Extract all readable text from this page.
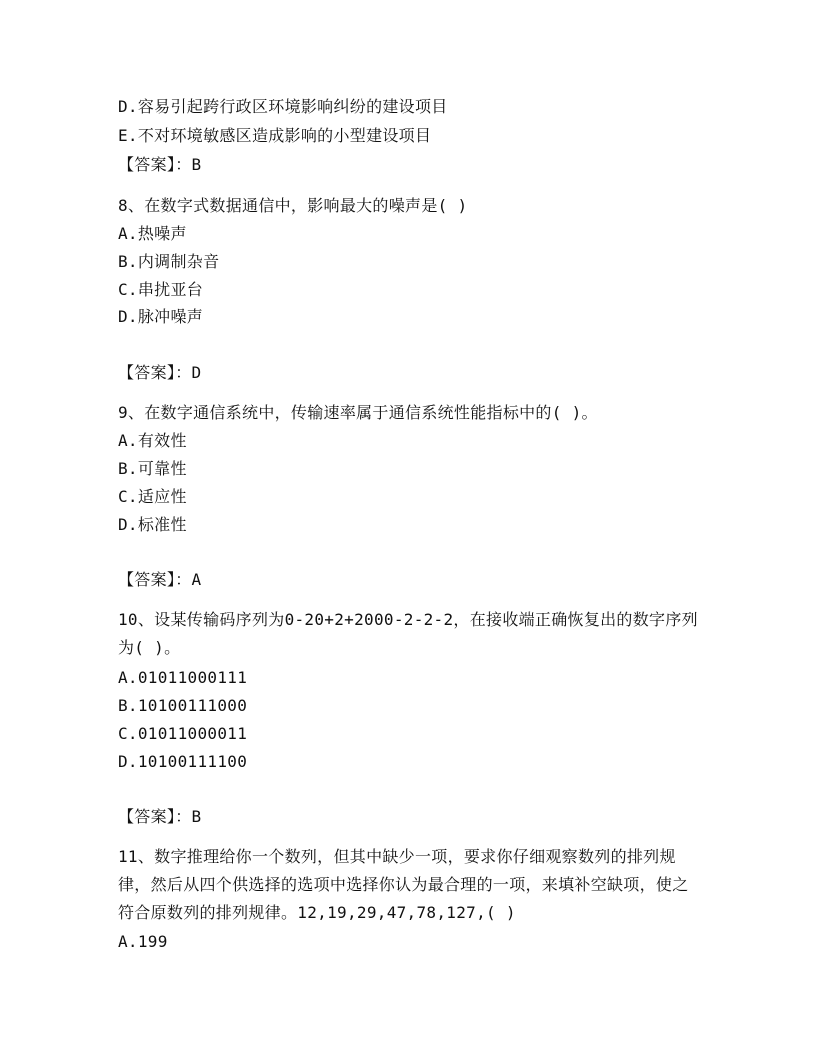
D.容易引起跨行政区环境影响纠纷的建设项目
E.不对环境敏感区造成影响的小型建设项目
【答案】：B
8、在数字式数据通信中，影响最大的噪声是( )
A.热噪声
B.内调制杂音
C.串扰亚台
D.脉冲噪声
【答案】：D
9、在数字通信系统中，传输速率属于通信系统性能指标中的( )。
A.有效性
B.可靠性
C.适应性
D.标准性
【答案】：A
10、设某传输码序列为0-20+2+2000-2-2-2，在接收端正确恢复出的数字序列为( )。
A.01011000111
B.10100111000
C.01011000011
D.10100111100
【答案】：B
11、数字推理给你一个数列，但其中缺少一项，要求你仔细观察数列的排列规律，然后从四个供选择的选项中选择你认为最合理的一项，来填补空缺项，使之符合原数列的排列规律。12,19,29,47,78,127,( )
A.199
